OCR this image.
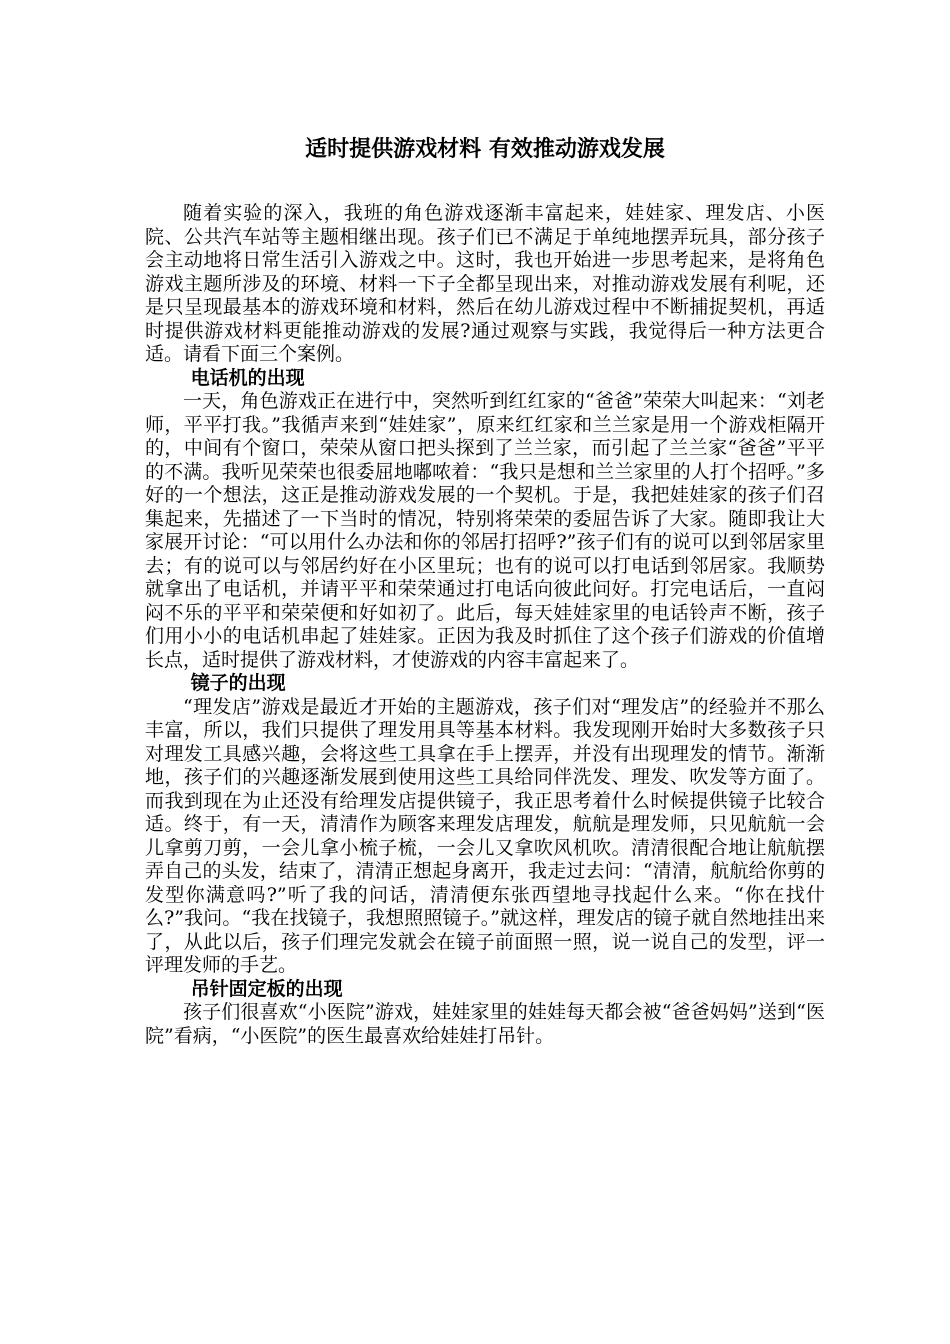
适时提供游戏材料 有效推动游戏发展

随着实验的深入，我班的角色游戏逐渐丰富起来，娃娃家、理发店、小医院、公共汽车站等主题相继出现。孩子们已不满足于单纯地摆弄玩具，部分孩子会主动地将日常生活引入游戏之中。这时，我也开始进一步思考起来，是将角色游戏主题所涉及的环境、材料一下子全都呈现出来，对推动游戏发展有利呢，还是只呈现最基本的游戏环境和材料，然后在幼儿游戏过程中不断捕捉契机，再适时提供游戏材料更能推动游戏的发展?通过观察与实践，我觉得后一种方法更合适。请看下面三个案例。

电话机的出现

一天，角色游戏正在进行中，突然听到红红家的“爸爸”荣荣大叫起来：“刘老师，平平打我。”我循声来到“娃娃家”，原来红红家和兰兰家是用一个游戏柜隔开的，中间有个窗口，荣荣从窗口把头探到了兰兰家，而引起了兰兰家“爸爸”平平的不满。我听见荣荣也很委屈地嘟哝着：“我只是想和兰兰家里的人打个招呼。”多好的一个想法，这正是推动游戏发展的一个契机。于是，我把娃娃家的孩子们召集起来，先描述了一下当时的情况，特别将荣荣的委屈告诉了大家。随即我让大家展开讨论：“可以用什么办法和你的邻居打招呼?”孩子们有的说可以到邻居家里去；有的说可以与邻居约好在小区里玩；也有的说可以打电话到邻居家。我顺势就拿出了电话机，并请平平和荣荣通过打电话向彼此问好。打完电话后，一直闷闷不乐的平平和荣荣便和好如初了。此后，每天娃娃家里的电话铃声不断，孩子们用小小的电话机串起了娃娃家。正因为我及时抓住了这个孩子们游戏的价值增长点，适时提供了游戏材料，才使游戏的内容丰富起来了。

镜子的出现

“理发店”游戏是最近才开始的主题游戏，孩子们对“理发店”的经验并不那么丰富，所以，我们只提供了理发用具等基本材料。我发现刚开始时大多数孩子只对理发工具感兴趣，会将这些工具拿在手上摆弄，并没有出现理发的情节。渐渐地，孩子们的兴趣逐渐发展到使用这些工具给同伴洗发、理发、吹发等方面了。而我到现在为止还没有给理发店提供镜子，我正思考着什么时候提供镜子比较合适。终于，有一天，清清作为顾客来理发店理发，航航是理发师，只见航航一会儿拿剪刀剪，一会儿拿小梳子梳，一会儿又拿吹风机吹。清清很配合地让航航摆弄自己的头发，结束了，清清正想起身离开，我走过去问：“清清，航航给你剪的发型你满意吗?”听了我的问话，清清便东张西望地寻找起什么来。“你在找什么?”我问。“我在找镜子，我想照照镜子。”就这样，理发店的镜子就自然地挂出来了，从此以后，孩子们理完发就会在镜子前面照一照，说一说自己的发型，评一评理发师的手艺。

吊针固定板的出现

孩子们很喜欢“小医院”游戏，娃娃家里的娃娃每天都会被“爸爸妈妈”送到“医院”看病，“小医院”的医生最喜欢给娃娃打吊针。
